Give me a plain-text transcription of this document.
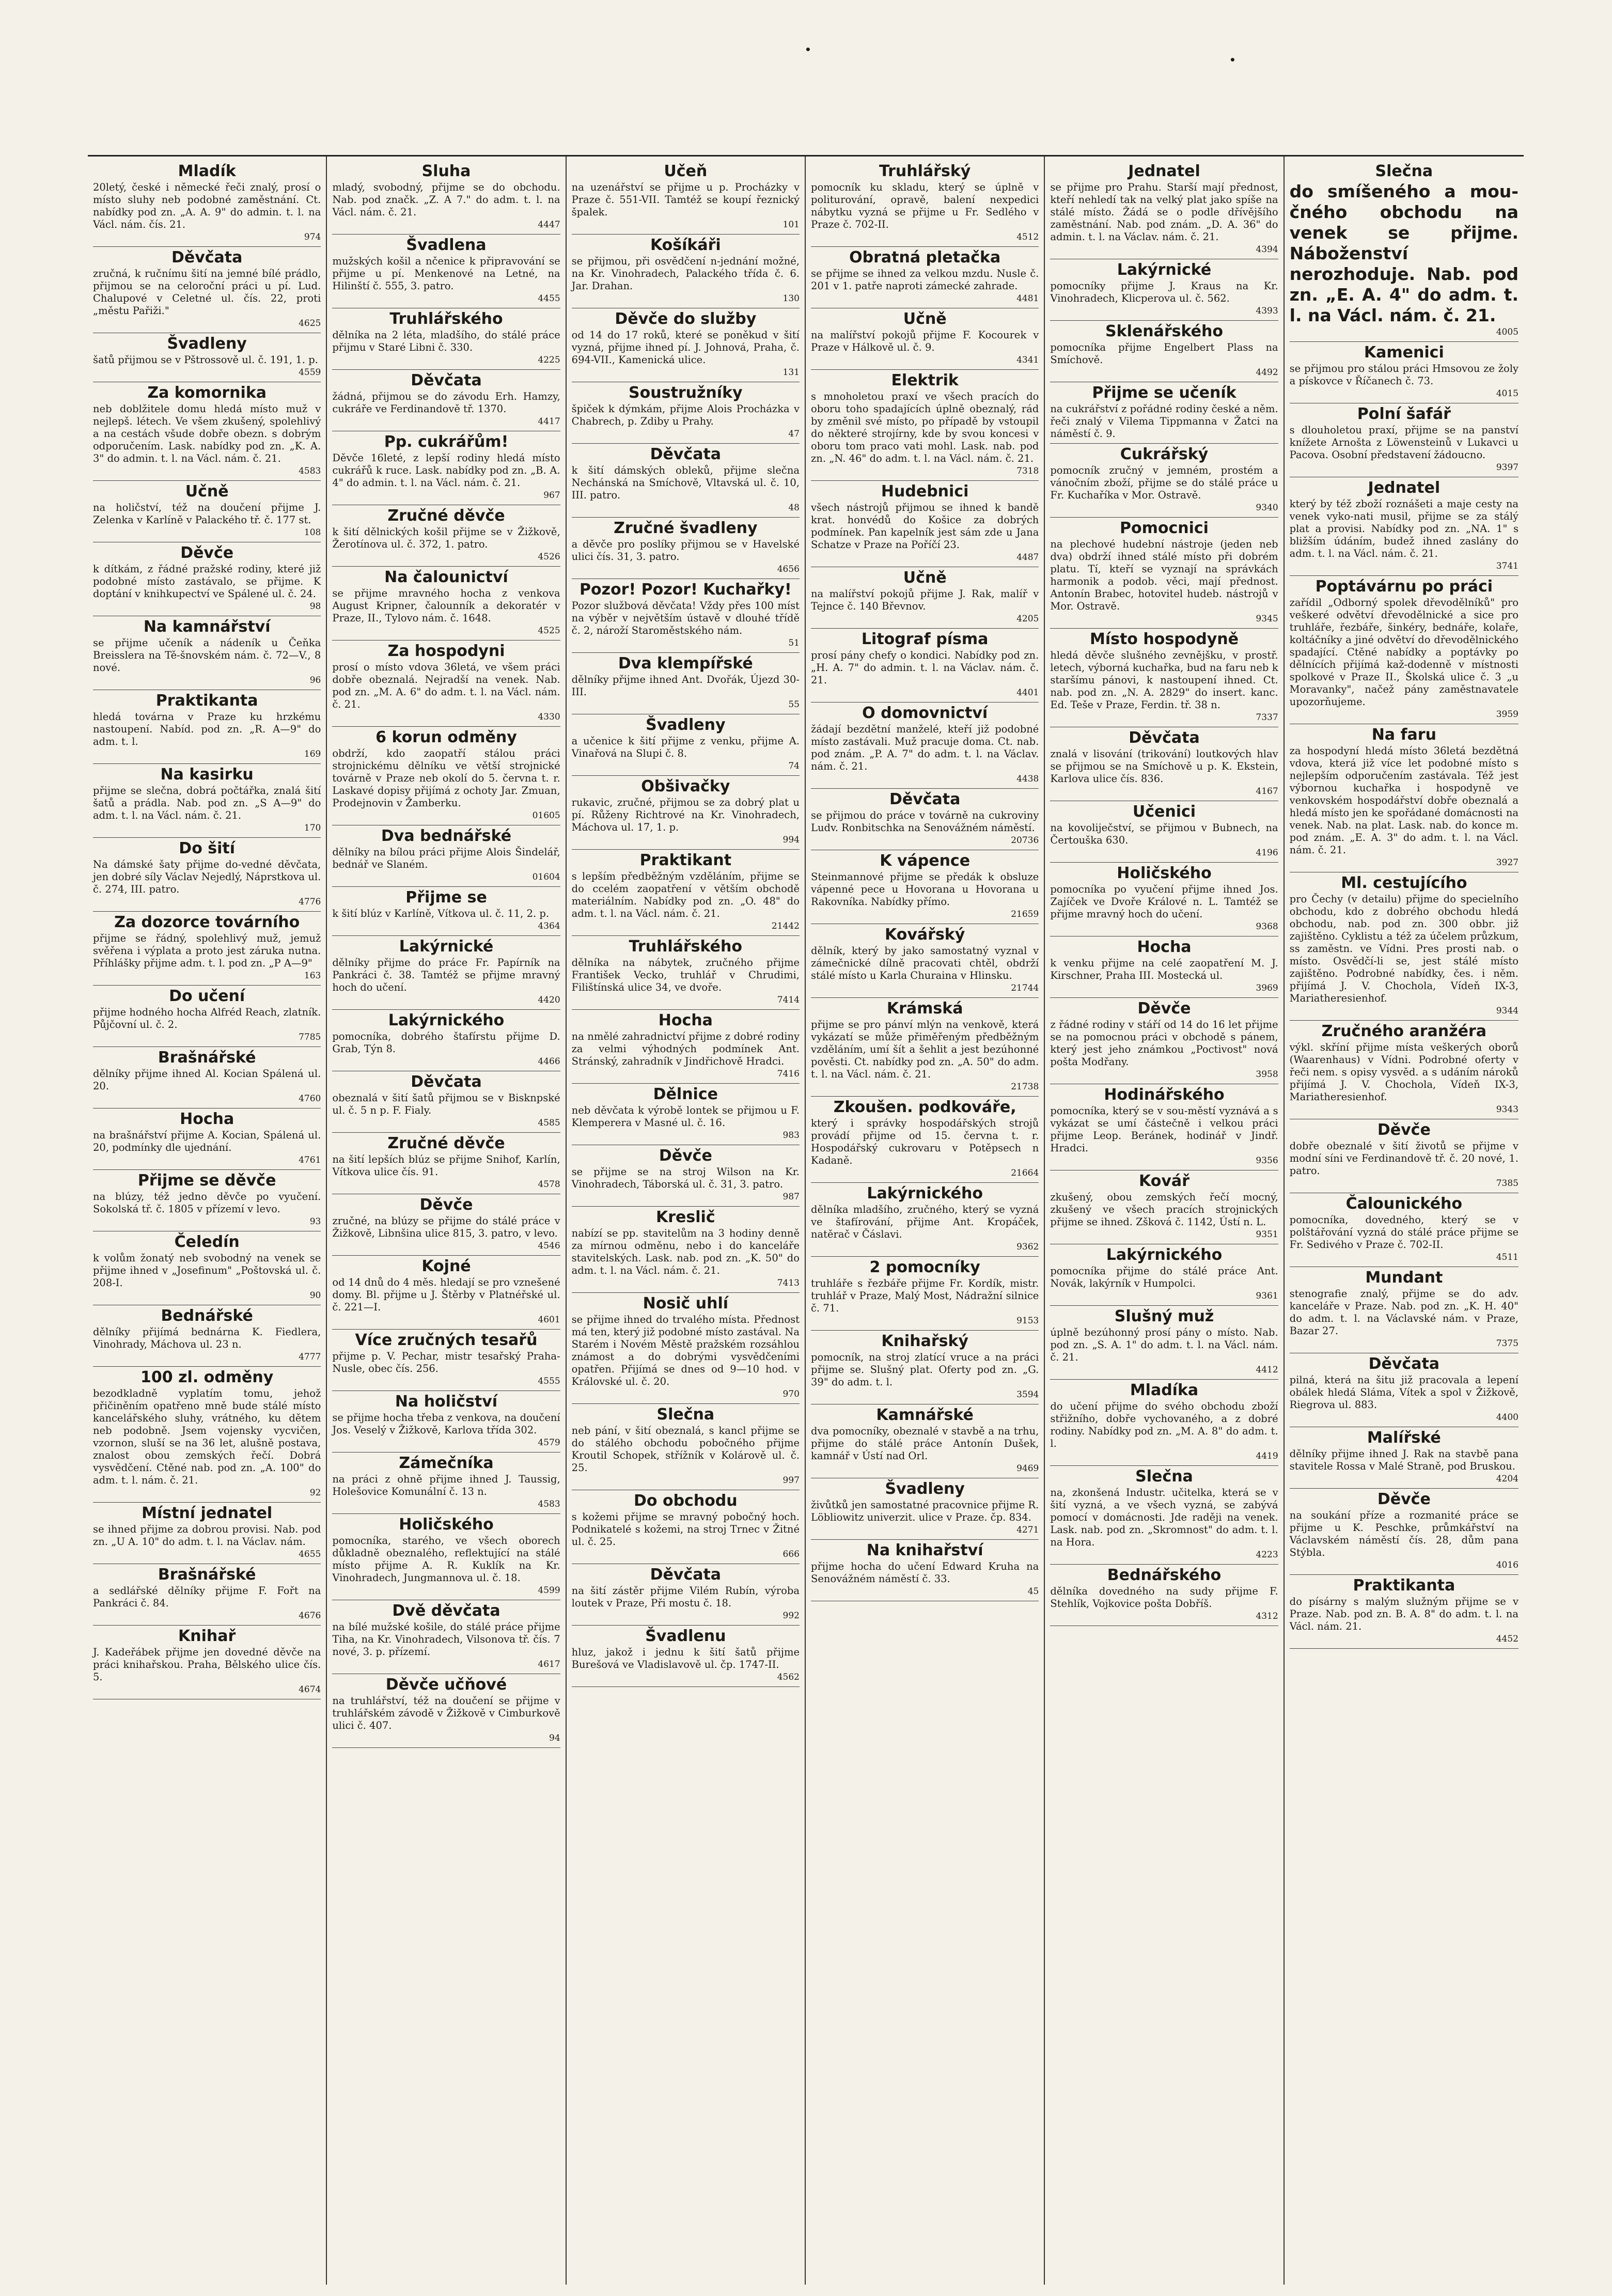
•
•
Mladík

20letý, české i německé řeči znalý, prosí o místo sluhy neb podobné zaměstnání. Ct. nabídky pod zn. „A. A. 9" do admin. t. l. na Václ. nám. čís. 21.

974
Děvčata

zručná, k ručnímu šití na jemné bílé prádlo, přijmou se na celoroční práci u pí. Lud. Chalupové v Celetné ul. čís. 22, proti „městu Pařiži."

4625
Švadleny

šatů přijmou se v Pštrossově ul. č. 191, 1. p.

4559
Za komornika

neb doblžitele domu hledá místo muž v nejlepš. létech. Ve všem zkušený, spolehlivý a na cestách všude dobře obezn. s dobrým odporučením. Lask. nabídky pod zn. „K. A. 3" do admin. t. l. na Václ. nám. č. 21.

4583
Učně

na holičství, též na doučení přijme J. Zelenka v Karlíně v Palackého tř. č. 177 st.

108
Děvče

k dítkám, z řádné pražské rodiny, které již podobné místo zastávalo, se přijme. K doptání v knihkupectví ve Spálené ul. č. 24.

98
Na kamnářství

se přijme učeník a nádeník u Čeňka Breisslera na Tě-šnovském nám. č. 72—V., 8 nové.

96
Praktikanta

hledá továrna v Praze ku hrzkému nastoupení. Nabíd. pod zn. „R. A—9" do adm. t. l.

169
Na kasirku

přijme se slečna, dobrá počtářka, znalá šití šatů a prádla. Nab. pod zn. „S A—9" do adm. t. l. na Václ. nám. č. 21.

170
Do šití

Na dámské šaty přijme do-vedné děvčata, jen dobré síly Václav Nejedlý, Náprstkova ul. č. 274, III. patro.

4776
Za dozorce továrního

přijme se řádný, spolehlivý muž, jemuž svěřena i výplata a proto jest záruka nutna. Příhlášky přijme adm. t. l. pod zn. „P A—9"

163
Do učení

přijme hodného hocha Alfréd Reach, zlatník. Půjčovní ul. č. 2.

7785
Brašnářské

dělníky přijme ihned Al. Kocian Spálená ul. 20.

4760
Hocha

na brašnářství přijme A. Kocian, Spálená ul. 20, podmínky dle ujednání.

4761
Přijme se děvče

na blúzy, též jedno děvče po vyučení. Sokolská tř. č. 1805 v přízemí v levo.

93
Čeledín

k volům žonatý neb svobodný na venek se přijme ihned v „Josefinum" „Poštovská ul. č. 208-I.

90
Bednářské

dělníky přijímá bednárna K. Fiedlera, Vinohrady, Máchova ul. 23 n.

4777
100 zl. odměny

bezodkladně vyplatím tomu, jehož přičiněním opatřeno mně bude stálé místo kancelářského sluhy, vrátného, ku dětem neb podobně. Jsem vojensky vycvičen, vzornon, sluší se na 36 let, alušně postava, znalost obou zemských řečí. Dobrá vysvědčení. Ctěné nab. pod zn. „A. 100" do adm. t. l. nám. č. 21.

92
Místní jednatel

se ihned přijme za dobrou provisi. Nab. pod zn. „U A. 10" do adm. t. l. na Václav. nám.

4655
Brašnářské

a sedlářské dělníky přijme F. Fořt na Pankráci č. 84.

4676
Knihař

J. Kadeřábek přijme jen dovedné děvče na práci knihařskou. Praha, Bělského ulice čís. 5.

4674
Sluha

mladý, svobodný, přijme se do obchodu. Nab. pod značk. „Z. A 7." do adm. t. l. na Václ. nám. č. 21.

4447
Švadlena

mužských košil a nčenice k připravování se přijme u pí. Menkenové na Letné, na Hilinští č. 555, 3. patro.

4455
Truhlářského

dělníka na 2 léta, mladšího, do stálé práce přijmu v Staré Libni č. 330.

4225
Děvčata

žádná, přijmou se do závodu Erh. Hamzy, cukráře ve Ferdinandově tř. 1370.

4417
Pp. cukrářům!

Děvče 16leté, z lepší rodiny hledá místo cukrářů k ruce. Lask. nabídky pod zn. „B. A. 4" do admin. t. l. na Václ. nám. č. 21.

967
Zručné děvče

k šití dělnických košil přijme se v Žižkově, Žerotínova ul. č. 372, 1. patro.

4526
Na čalounictví

se přijme mravného hocha z venkova August Kripner, čalounník a dekoratér v Praze, II., Tylovo nám. č. 1648.

4525
Za hospodyni

prosí o místo vdova 36letá, ve všem práci dobře obeznalá. Nejradší na venek. Nab. pod zn. „M. A. 6" do adm. t. l. na Václ. nám. č. 21.

4330
6 korun odměny

obdrží, kdo zaopatří stálou práci strojnickému dělníku ve větší strojnické továrně v Praze neb okolí do 5. června t. r. Laskavé dopisy přijímá z ochoty Jar. Zmuan, Prodejnovin v Žamberku.

01605
Dva bednářské

dělníky na bílou práci přijme Alois Šindelář, bednář ve Slaném.

01604
Přijme se

k šití blúz v Karlíně, Vítkova ul. č. 11, 2. p.

4364
Lakýrnické

dělníky přijme do práce Fr. Papírník na Pankráci č. 38. Tamtéž se přijme mravný hoch do učení.

4420
Lakýrnického

pomocníka, dobrého štafírstu přijme D. Grab, Týn 8.

4466
Děvčata

obeznalá v šití šatů přijmou se v Bisknpské ul. č. 5 n p. F. Fialy.

4585
Zručné děvče

na šití lepších blúz se přijme Snihof, Karlín, Vítkova ulice čís. 91.

4578
Děvče

zručné, na blúzy se přijme do stálé práce v Žižkově, Libnšina ulice 815, 3. patro, v levo.

4546
Kojné

od 14 dnů do 4 měs. hledají se pro vznešené domy. Bl. přijme u J. Štěrby v Platnéřské ul. č. 221—I.

4601
Více zručných tesařů

přijme p. V. Pechar, mistr tesařský Praha-Nusle, obec čís. 256.

4555
Na holičství

se přijme hocha třeba z venkova, na doučení Jos. Veselý v Žižkově, Karlova třída 302.

4579
Zámečníka

na práci z ohně přijme ihned J. Taussig, Holešovice Komunální č. 13 n.

4583
Holičského

pomocníka, starého, ve všech oborech důkladně obeznalého, reflektující na stálé místo přijme A. R. Kuklík na Kr. Vinohradech, Jungmannova ul. č. 18.

4599
Dvě děvčata

na bílé mužské košile, do stálé práce přijme Tiha, na Kr. Vinohradech, Vilsonova tř. čís. 7 nové, 3. p. přízemí.

4617
Děvče učňové

na truhlářství, též na doučení se přijme v truhlářském závodě v Žižkově v Cimburkově ulici č. 407.

94
Učeň

na uzenářství se přijme u p. Procházky v Praze č. 551-VII. Tamtéž se koupí řeznický špalek.

101
Košíkáři

se přijmou, při osvědčení n-jednání možné, na Kr. Vinohradech, Palackého třída č. 6. Jar. Drahan.

130
Děvče do služby

od 14 do 17 roků, které se poněkud v šití vyzná, přijme ihned pí. J. Johnová, Praha, č. 694-VII., Kamenická ulice.

131
Soustružníky

špiček k dýmkám, přijme Alois Procházka v Chabrech, p. Zdiby u Prahy.

47
Děvčata

k šití dámských obleků, přijme slečna Nechánská na Smíchově, Vltavská ul. č. 10, III. patro.

48
Zručné švadleny

a děvče pro poslíky přijmou se v Havelské ulici čís. 31, 3. patro.

4656
Pozor! Pozor! Kuchařky!

Pozor službová děvčata! Vždy přes 100 míst na výběr v největším ústavě v dlouhé třídě č. 2, nároží Staroměstského nám.

51
Dva klempířské

dělníky přijme ihned Ant. Dvořák, Újezd 30-III.

55
Švadleny

a učenice k šití přijme z venku, přijme A. Vinařová na Slupi č. 8.

74
Obšivačky

rukavic, zručné, přijmou se za dobrý plat u pí. Růženy Richtrové na Kr. Vinohradech, Máchova ul. 17, 1. p.

994
Praktikant

s lepším předběžným vzděláním, přijme se do ccelém zaopatření v větším obchodě materiálním. Nabídky pod zn. „O. 48" do adm. t. l. na Václ. nám. č. 21.

21442
Truhlářského

dělníka na nábytek, zručného přijme František Vecko, truhlář v Chrudimi, Filištínská ulice 34, ve dvoře.

7414
Hocha

na nmělé zahradnictví přijme z dobré rodiny za velmi výhodných podmínek Ant. Stránský, zahradník v Jindřichově Hradci.

7416
Dělnice

neb děvčata k výrobě lontek se přijmou u F. Klemperera v Masné ul. č. 16.

983
Děvče

se přijme se na stroj Wilson na Kr. Vinohradech, Táborská ul. č. 31, 3. patro.

987
Kreslič

nabízí se pp. stavitelům na 3 hodiny denně za mírnou odměnu, nebo i do kanceláře stavitelských. Lask. nab. pod zn. „K. 50" do adm. t. l. na Václ. nám. č. 21.

7413
Nosič uhlí

se přijme ihned do trvalého místa. Přednost má ten, který již podobné místo zastával. Na Starém i Novém Městě pražském rozsáhlou známost a do dobrými vysvědčeními opatřen. Přijímá se dnes od 9—10 hod. v Královské ul. č. 20.

970
Slečna

neb pání, v šití obeznalá, s kancl přijme se do stálého obchodu pobočného přijme Kroutil Schopek, střížník v Kolárově ul. č. 25.

997
Do obchodu

s kožemi přijme se mravný pobočný hoch. Podnikatelé s kožemi, na stroj Trnec v Žitné ul. č. 25.

666
Děvčata

na šití zástěr přijme Vilém Rubín, výroba loutek v Praze, Při mostu č. 18.

992
Švadlenu

hluz, jakož i jednu k šití šatů přijme Burešová ve Vladislavově ul. čp. 1747-II.

4562
Truhlářský

pomocník ku skladu, který se úplně v politurování, opravě, balení nexpedici nábytku vyzná se přijme u Fr. Sedlého v Praze č. 702-II.

4512
Obratná pletačka

se přijme se ihned za velkou mzdu. Nusle č. 201 v 1. patře naproti zámecké zahrade.

4481
Učně

na malířství pokojů přijme F. Kocourek v Praze v Hálkově ul. č. 9.

4341
Elektrik

s mnoholetou praxí ve všech pracích do oboru toho spadajících úplně obeznalý, rád by změnil své místo, po případě by vstoupil do některé strojírny, kde by svou koncesi v oboru tom praco vati mohl. Lask. nab. pod zn. „N. 46" do adm. t. l. na Václ. nám. č. 21.

7318
Hudebnici

všech nástrojů přijmou se ihned k bandě krat. honvédů do Košice za dobrých podmínek. Pan kapelník jest sám zde u Jana Schatze v Praze na Poříčí 23.

4487
Učně

na malířství pokojů přijme J. Rak, malíř v Tejnce č. 140 Břevnov.

4205
Litograf písma

prosí pány chefy o kondici. Nabídky pod zn. „H. A. 7" do admin. t. l. na Václav. nám. č. 21.

4401
O domovnictví

žádají bezdětní manželé, kteří již podobné místo zastávali. Muž pracuje doma. Ct. nab. pod znám. „P. A. 7" do adm. t. l. na Václav. nám. č. 21.

4438
Děvčata

se přijmou do práce v továrně na cukroviny Ludv. Ronbitschka na Senovážném náměstí.

20736
K vápence

Steinmannové přijme se předák k obsluze vápenné pece u Hovorana u Hovorana u Rakovníka. Nabídky přímo.

21659
Kovářský

dělník, který by jako samostatný vyznal v zámečnické dílně pracovati chtěl, obdrží stálé místo u Karla Churaina v Hlinsku.

21744
Krámská

přijme se pro pánví mlýn na venkově, která vykázatí se může přiměřeným předběžným vzděláním, umí šít a šehlit a jest bezúhonné pověsti. Ct. nabídky pod zn. „A. 50" do adm. t. l. na Václ. nám. č. 21.

21738
Zkoušen. podkováře,

který i správky hospodářských strojů provádí přijme od 15. června t. r. Hospodářský cukrovaru v Potěpsech n Kadaně.

21664
Lakýrnického

dělníka mladšího, zručného, který se vyzná ve štafírování, přijme Ant. Kropáček, natěrač v Čáslavi.

9362
2 pomocníky

truhláře s řezbáře přijme Fr. Kordík, mistr. truhlář v Praze, Malý Most, Nádražní silnice č. 71.

9153
Knihařský

pomocník, na stroj zlatící vruce a na práci přijme se. Slušný plat. Oferty pod zn. „G. 39" do adm. t. l.

3594
Kamnářské

dva pomocníky, obeznalé v stavbě a na trhu, přijme do stálé práce Antonín Dušek, kamnář v Ústí nad Orl.

9469
Švadleny

živůtků jen samostatné pracovnice přijme R. Löbliowitz univerzit. ulice v Praze. čp. 834.

4271
Na knihařství

přijme hocha do učení Edward Kruha na Senovážném náměstí č. 33.

45
Jednatel

se přijme pro Prahu. Starší mají přednost, kteří nehledí tak na velký plat jako spíše na stálé místo. Žádá se o podle dřívějšího zaměstnání. Nab. pod znám. „D. A. 36" do admin. t. l. na Václav. nám. č. 21.

4394
Lakýrnické

pomocníky přijme J. Kraus na Kr. Vinohradech, Klicperova ul. č. 562.

4393
Sklenářského

pomocníka přijme Engelbert Plass na Smíchově.

4492
Přijme se učeník

na cukrářství z pořádné rodiny české a něm. řeči znalý v Vilema Tippmanna v Žatci na náměstí č. 9.

Cukrářský

pomocník zručný v jemném, prostém a vánočním zboží, přijme se do stálé práce u Fr. Kuchaříka v Mor. Ostravě.

9340
Pomocnici

na plechové hudební nástroje (jeden neb dva) obdrží ihned stálé místo při dobrém platu. Tí, kteří se vyznají na správkách harmonik a podob. věci, mají přednost. Antonín Brabec, hotovitel hudeb. nástrojů v Mor. Ostravě.

9345
Místo hospodyně

hledá děvče slušného zevnějšku, v prostř. letech, výborná kuchařka, bud na faru neb k staršímu pánovi, k nastoupení ihned. Ct. nab. pod zn. „N. A. 2829" do insert. kanc. Ed. Teše v Praze, Ferdin. tř. 38 n.

7337
Děvčata

znalá v lisování (trikování) loutkových hlav se přijmou se na Smíchově u p. K. Ekstein, Karlova ulice čís. 836.

4167
Učenici

na kovoliječství, se přijmou v Bubnech, na Čertouška 630.

4196
Holičského

pomocníka po vyučení přijme ihned Jos. Zajíček ve Dvoře Králové n. L. Tamtéž se přijme mravný hoch do učení.

9368
Hocha

k venku přijme na celé zaopatření M. J. Kirschner, Praha III. Mostecká ul.

3969
Děvče

z řádné rodiny v stáří od 14 do 16 let přijme se na pomocnou práci v obchodě s pánem, který jest jeho známkou „Poctivost" nová pošta Modřany.

3958
Hodinářského

pomocníka, který se v sou-městí vyznává a s vykázat se umí částečně i velkou práci přijme Leop. Beránek, hodinář v Jindř. Hradci.

9356
Kovář

zkušený, obou zemských řečí mocný, zkušený ve všech pracích strojnických přijme se ihned. Zšková č. 1142, Ústí n. L.

9351
Lakýrnického

pomocníka přijme do stálé práce Ant. Novák, lakýrník v Humpolci.

9361
Slušný muž

úplně bezúhonný prosí pány o místo. Nab. pod zn. „S. A. 1" do adm. t. l. na Václ. nám. č. 21.

4412
Mladíka

do učení přijme do svého obchodu zboží střižního, dobře vychovaného, a z dobré rodiny. Nabídky pod zn. „M. A. 8" do adm. t. l.

4419
Slečna

na, zkonšená Industr. učitelka, která se v šití vyzná, a ve všech vyzná, se zabývá pomocí v domácnosti. Jde raději na venek. Lask. nab. pod zn. „Skromnost" do adm. t. l. na Hora.

4223
Bednářského

dělníka dovedného na sudy přijme F. Stehlík, Vojkovice pošta Dobříš.

4312
Slečna

do smíšeného a mou-čného obchodu na venek se přijme. Náboženství nerozhoduje. Nab. pod zn. „E. A. 4" do adm. t. l. na Václ. nám. č. 21.

4005
Kamenici

se přijmou pro stálou práci Hmsovou ze žoly a pískovce v Říčanech č. 73.

4015
Polní šafář

s dlouholetou praxí, přijme se na panství knížete Arnošta z Löwensteinů v Lukavci u Pacova. Osobní představení žádoucno.

9397
Jednatel

který by též zboží roznášeti a maje cesty na venek vyko-nati musil, přijme se za stálý plat a provisi. Nabídky pod zn. „NA. 1" s bližším údáním, budež ihned zaslány do adm. t. l. na Václ. nám. č. 21.

3741
Poptávárnu po práci

zařídil „Odborný spolek dřevodělníků" pro veškeré odvětví dřevodělnické a sice pro truhláře, řezbáře, šinkéry, bednáře, kolaře, koltáčníky a jiné odvětví do dřevodělnického spadající. Ctěné nabídky a poptávky po dělnících přijímá kaž-dodenně v místnosti spolkové v Praze II., Školská ulice č. 3 „u Moravanky", načež pány zaměstnavatele upozorňujeme.

3959
Na faru

za hospodyní hledá místo 36letá bezdětná vdova, která již více let podobné místo s nejlepším odporučením zastávala. Též jest výbornou kuchařka i hospodyně ve venkovském hospodářství dobře obeznalá a hledá místo jen ke spořádané domácnosti na venek. Nab. na plat. Lask. nab. do konce m. pod znám. „E. A. 3" do adm. t. l. na Václ. nám. č. 21.

3927
Ml. cestujícího

pro Čechy (v detailu) přijme do specielního obchodu, kdo z dobrého obchodu hledá obchodu, nab. pod zn. 300 obbr. již zajištěno. Cyklistu a též za účelem průzkum, ss zaměstn. ve Vídni. Pres prosti nab. o místo. Osvědčí-li se, jest stálé místo zajištěno. Podrobné nabídky, čes. i něm. přijímá J. V. Chochola, Vídeň IX-3, Mariatheresienhof.

9344
Zručného aranžéra

výkl. skříní přijme místa veškerých oborů (Waarenhaus) v Vídni. Podrobné oferty v řeči nem. s opisy vysvěd. a s udáním nároků přijímá J. V. Chochola, Vídeň IX-3, Mariatheresienhof.

9343
Děvče

dobře obeznalé v šití životů se přijme v modní síni ve Ferdinandově tř. č. 20 nové, 1. patro.

7385
Čalounického

pomocníka, dovedného, který se v polštářování vyzná do stálé práce přijme se Fr. Sedivého v Praze č. 702-II.

4511
Mundant

stenografie znalý, přijme se do adv. kanceláře v Praze. Nab. pod zn. „K. H. 40" do adm. t. l. na Václavské nám. v Praze, Bazar 27.

7375
Děvčata

pilná, která na šitu již pracovala a lepení obálek hledá Sláma, Vítek a spol v Žižkově, Riegrova ul. 883.

4400
Malířské

dělníky přijme ihned J. Rak na stavbě pana stavitele Rossa v Malé Straně, pod Bruskou.

4204
Děvče

na soukání příze a rozmanité práce se přijme u K. Peschke, průmkářství na Václavském náměstí čís. 28, dům pana Stýbla.

4016
Praktikanta

do písárny s malým služným přijme se v Praze. Nab. pod zn. B. A. 8" do adm. t. l. na Václ. nám. 21.

4452
